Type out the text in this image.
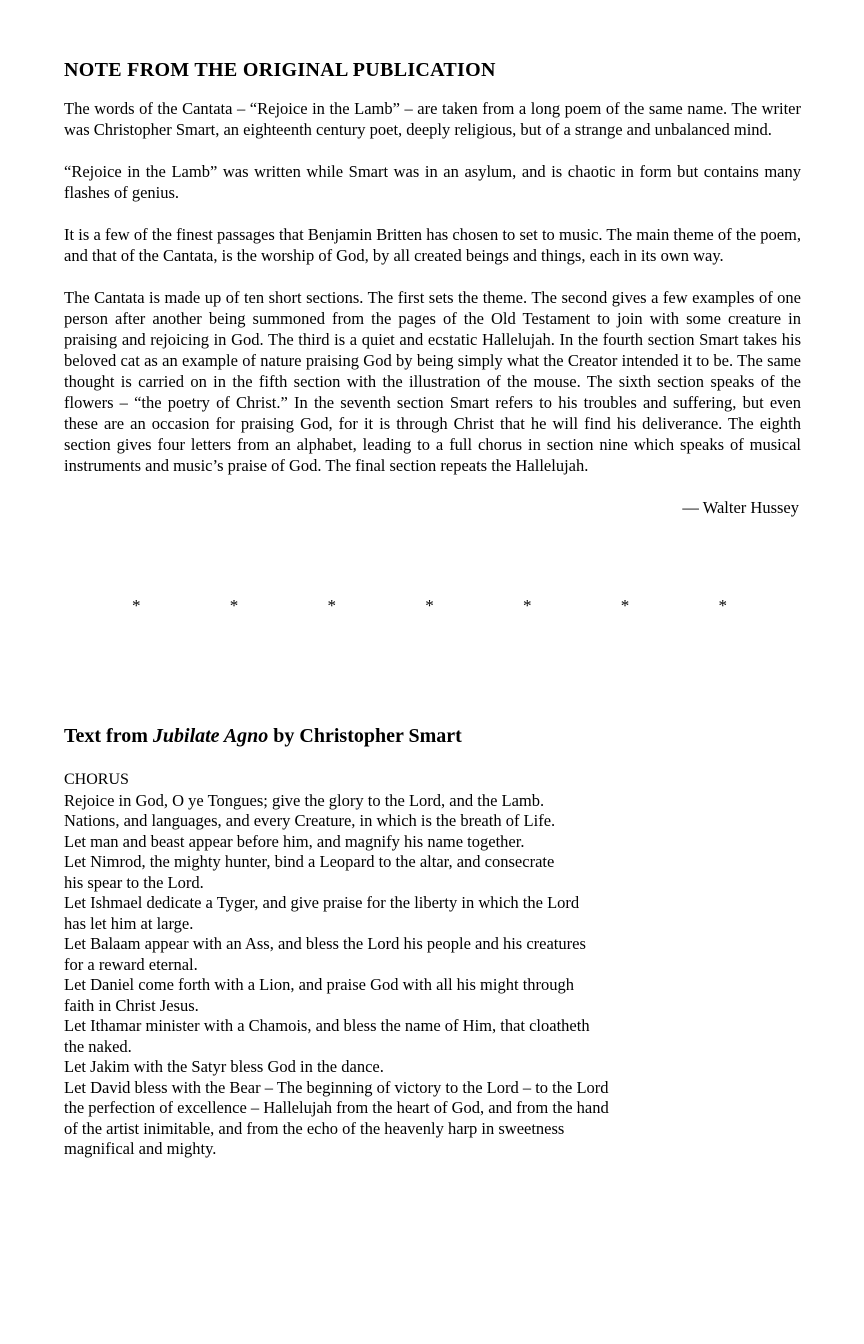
NOTE FROM THE ORIGINAL PUBLICATION

The words of the Cantata – “Rejoice in the Lamb” – are taken from a long poem of the same name. The writer was Christopher Smart, an eighteenth century poet, deeply religious, but of a strange and unbalanced mind.

“Rejoice in the Lamb” was written while Smart was in an asylum, and is chaotic in form but contains many flashes of genius.

It is a few of the finest passages that Benjamin Britten has chosen to set to music. The main theme of the poem, and that of the Cantata, is the worship of God, by all created beings and things, each in its own way.

The Cantata is made up of ten short sections. The first sets the theme. The second gives a few examples of one person after another being summoned from the pages of the Old Testament to join with some creature in praising and rejoicing in God. The third is a quiet and ecstatic Hallelujah. In the fourth section Smart takes his beloved cat as an example of nature praising God by being simply what the Creator intended it to be. The same thought is carried on in the fifth section with the illustration of the mouse. The sixth section speaks of the flowers – “the poetry of Christ.” In the seventh section Smart refers to his troubles and suffering, but even these are an occasion for praising God, for it is through Christ that he will find his deliverance. The eighth section gives four letters from an alphabet, leading to a full chorus in section nine which speaks of musical instruments and music’s praise of God. The final section repeats the Hallelujah.

— Walter Hussey

*	*	*	*	*	*	*
Text from Jubilate Agno by Christopher Smart
CHORUS
Rejoice in God, O ye Tongues; give the glory to the Lord, and the Lamb.
Nations, and languages, and every Creature, in which is the breath of Life.
Let man and beast appear before him, and magnify his name together.
Let Nimrod, the mighty hunter, bind a Leopard to the altar, and consecrate
his spear to the Lord.
Let Ishmael dedicate a Tyger, and give praise for the liberty in which the Lord
has let him at large.
Let Balaam appear with an Ass, and bless the Lord his people and his creatures
for a reward eternal.
Let Daniel come forth with a Lion, and praise God with all his might through
faith in Christ Jesus.
Let Ithamar minister with a Chamois, and bless the name of Him, that cloatheth
the naked.
Let Jakim with the Satyr bless God in the dance.
Let David bless with the Bear – The beginning of victory to the Lord – to the Lord
the perfection of excellence – Hallelujah from the heart of God, and from the hand
of the artist inimitable, and from the echo of the heavenly harp in sweetness
magnifical and mighty.
